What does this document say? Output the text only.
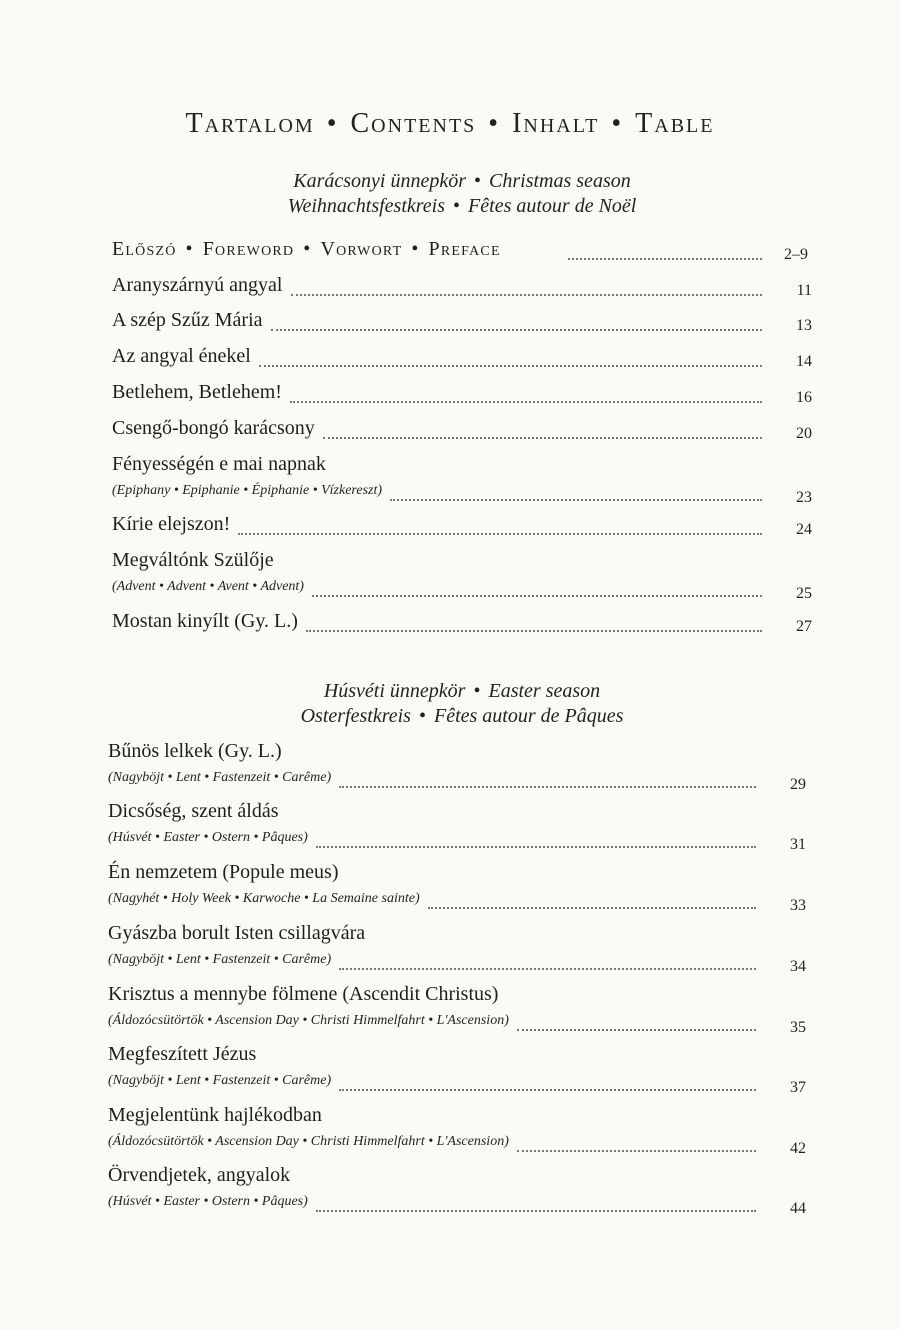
Tartalom • Contents • Inhalt • Table
Karácsonyi ünnepkör • Christmas season
Weihnachtsfestkreis • Fêtes autour de Noël
Előszó • Foreword • Vorwort • Preface	2–9
Aranyszárnyú angyal	11
A szép Szűz Mária	13
Az angyal énekel	14
Betlehem, Betlehem!	16
Csengő-bongó karácsony	20
Fényességén e mai napnak
(Epiphany • Epiphanie • Épiphanie • Vízkereszt)	23
Kírie elejszon!	24
Megváltónk Szülője
(Advent • Advent • Avent • Advent)	25
Mostan kinyílt (Gy. L.)	27
Húsvéti ünnepkör • Easter season
Osterfestkreis • Fêtes autour de Pâques
Bűnös lelkek (Gy. L.)
(Nagyböjt • Lent • Fastenzeit • Carême)	29
Dicsőség, szent áldás
(Húsvét • Easter • Ostern • Pâques)	31
Én nemzetem (Popule meus)
(Nagyhét • Holy Week • Karwoche • La Semaine sainte)	33
Gyászba borult Isten csillagvára
(Nagyböjt • Lent • Fastenzeit • Carême)	34
Krisztus a mennybe fölmene (Ascendit Christus)
(Áldozócsütörtök • Ascension Day • Christi Himmelfahrt • L'Ascension)	35
Megfeszített Jézus
(Nagyböjt • Lent • Fastenzeit • Carême)	37
Megjelentünk hajlékodban
(Áldozócsütörtök • Ascension Day • Christi Himmelfahrt • L'Ascension)	42
Örvendjetek, angyalok
(Húsvét • Easter • Ostern • Pâques)	44
